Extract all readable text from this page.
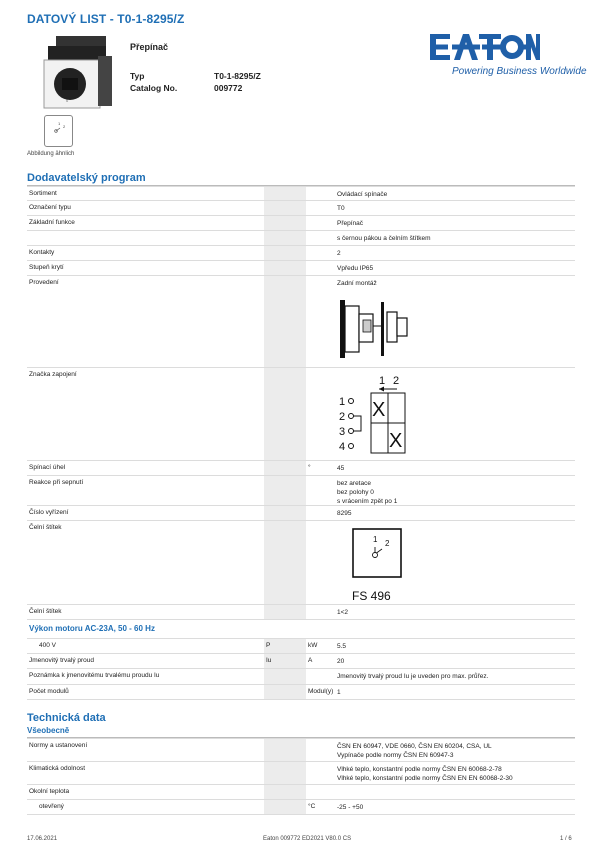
DATOVÝ LIST - T0-1-8295/Z
0
Přepínač
Typ	T0-1-8295/Z
Catalog No.	009772
1
2
Abbildung ähnlich
Powering Business Worldwide
Dodavatelský program
Sortiment	Ovládací spínače
Označení typu	T0
Základní funkce	Přepínač
s černou pákou a čelním štítkem
Kontakty	2
Stupeň krytí	Vpředu IP65
Provedení	Zadní montáž
Značka zapojení
1 2
1
2
3
4
X
X
Spínací úhel	°	45
Reakce při sepnutí	bez aretace
bez polohy 0
s vrácením zpět po 1
Číslo vyřízení	8295
Čelní štítek
1 2
FS 496
Čelní štítek	1<2
Výkon motoru AC-23A, 50 - 60 Hz
400 V	P	kW	5.5
Jmenovitý trvalý proud	Iu	A	20
Poznámka k jmenovitému trvalému proudu Iu	Jmenovitý trvalý proud Iu je uveden pro max. průřez.
Počet modulů	Modul(y) 1
Technická data
Všeobecně
Normy a ustanovení	ČSN EN 60947, VDE 0660, ČSN EN 60204, CSA, UL
Vypínače podle normy ČSN EN 60947-3
Klimatická odolnost	Vlhké teplo, konstantní podle normy ČSN EN 60068-2-78
Vlhké teplo, konstantní podle normy ČSN EN EN 60068-2-30
Okolní teplota
otevřený	°C	-25 - +50
17.06.2021	Eaton 009772 ED2021 V80.0 CS	1 / 6
